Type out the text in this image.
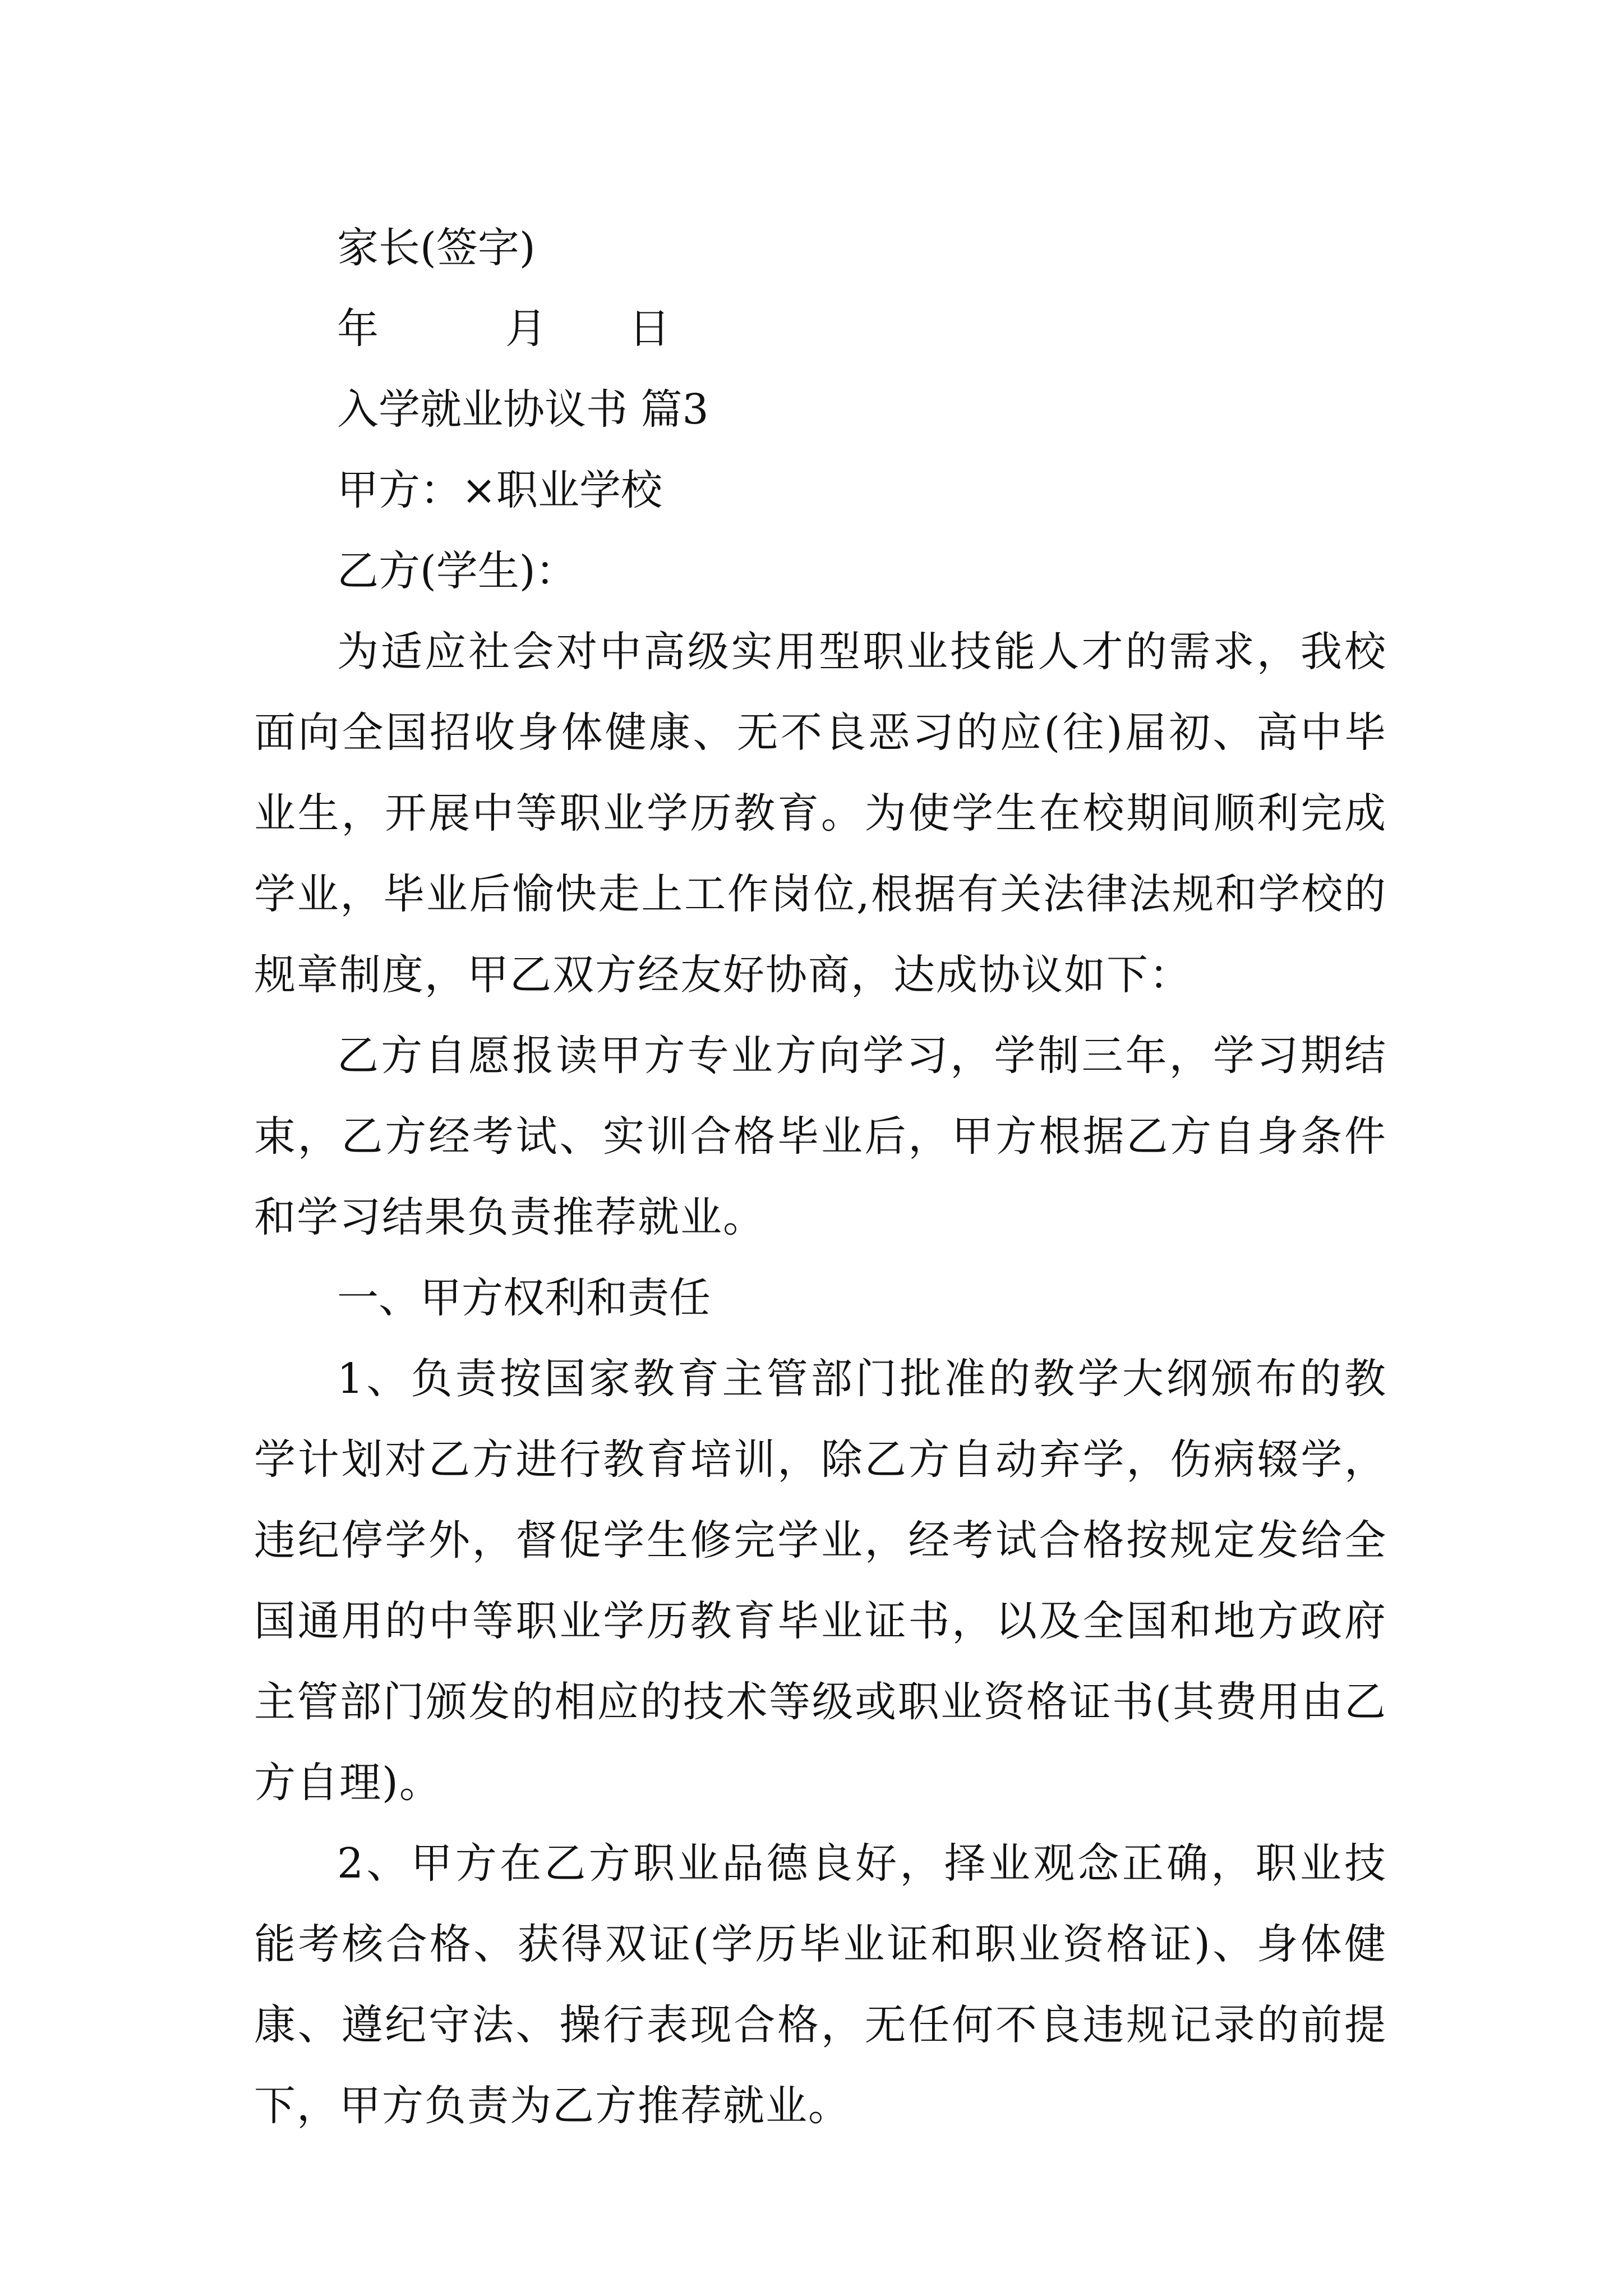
家长(签字)

年	月 日

入学就业协议书 篇3

甲方：×职业学校

乙方(学生)：

为适应社会对中高级实用型职业技能人才的需求，我校面向全国招收身体健康、无不良恶习的应(往)届初、高中毕业生，开展中等职业学历教育。为使学生在校期间顺利完成学业，毕业后愉快走上工作岗位,根据有关法律法规和学校的规章制度，甲乙双方经友好协商，达成协议如下：

乙方自愿报读甲方专业方向学习，学制三年，学习期结束，乙方经考试、实训合格毕业后，甲方根据乙方自身条件和学习结果负责推荐就业。

一、甲方权利和责任

1、负责按国家教育主管部门批准的教学大纲颁布的教学计划对乙方进行教育培训，除乙方自动弃学，伤病辍学，违纪停学外，督促学生修完学业，经考试合格按规定发给全国通用的中等职业学历教育毕业证书，以及全国和地方政府主管部门颁发的相应的技术等级或职业资格证书(其费用由乙方自理)。

2、甲方在乙方职业品德良好，择业观念正确，职业技能考核合格、获得双证(学历毕业证和职业资格证)、身体健康、遵纪守法、操行表现合格，无任何不良违规记录的前提下，甲方负责为乙方推荐就业。
